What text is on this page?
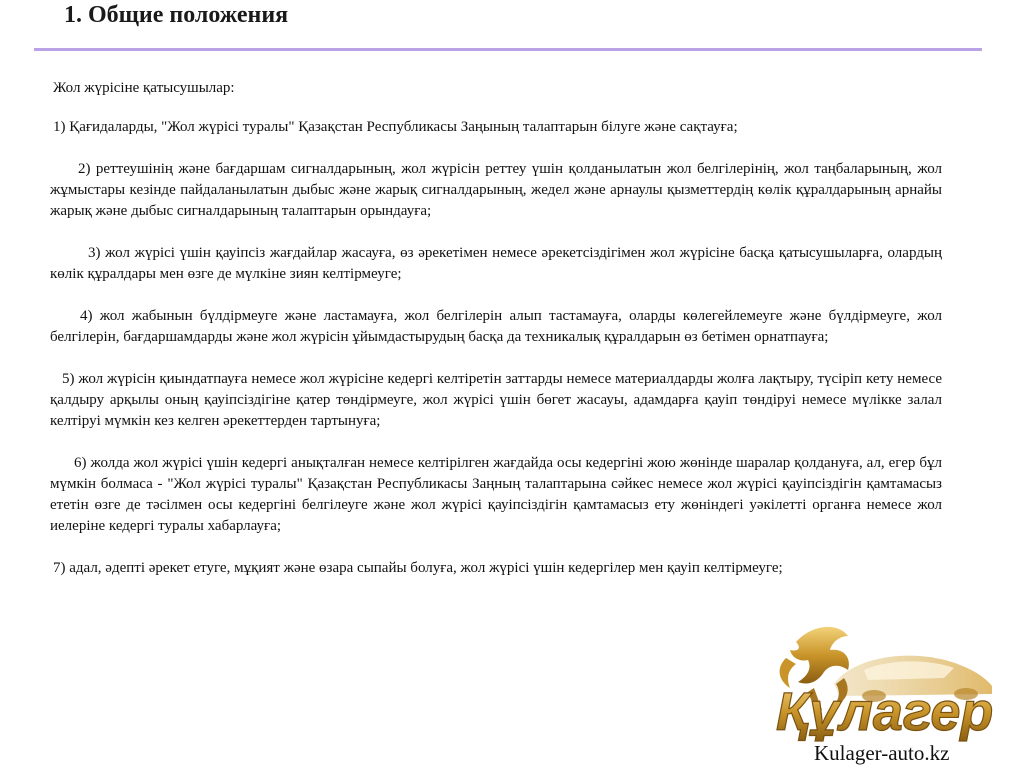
1. Общие положения

Жол жүрісіне қатысушылар:

1) Қағидаларды, "Жол жүрісі туралы" Қазақстан Республикасы Заңының талаптарын білуге және сақтауға;

2) реттеушінің және бағдаршам сигналдарының, жол жүрісін реттеу үшін қолданылатын жол белгілерінің, жол таңбаларының, жол жұмыстары кезінде пайдаланылатын дыбыс және жарық сигналдарының, жедел және арнаулы қызметтердің көлік құралдарының арнайы жарық және дыбыс сигналдарының талаптарын орындауға;

3) жол жүрісі үшін қауіпсіз жағдайлар жасауға, өз әрекетімен немесе әрекетсіздігімен жол жүрісіне басқа қатысушыларға, олардың көлік құралдары мен өзге де мүлкіне зиян келтірмеуге;

4) жол жабынын бүлдірмеуге және ластамауға, жол белгілерін алып тастамауға, оларды көлегейлемеуге және бүлдірмеуге, жол белгілерін, бағдаршамдарды және жол жүрісін ұйымдастырудың басқа да техникалық құралдарын өз бетімен орнатпауға;

5) жол жүрісін қиындатпауға немесе жол жүрісіне кедергі келтіретін заттарды немесе материалдарды жолға лақтыру, түсіріп кету немесе қалдыру арқылы оның қауіпсіздігіне қатер төндірмеуге, жол жүрісі үшін бөгет жасауы, адамдарға қауіп төндіруі немесе мүлікке залал келтіруі мүмкін кез келген әрекеттерден тартынуға;

6) жолда жол жүрісі үшін кедергі анықталған немесе келтірілген жағдайда осы кедергіні жою жөнінде шаралар қолдануға, ал, егер бұл мүмкін болмаса - "Жол жүрісі туралы" Қазақстан Республикасы Заңның талаптарына сәйкес немесе жол жүрісі қауіпсіздігін қамтамасыз ететін өзге де тәсілмен осы кедергіні белгілеуге және жол жүрісі қауіпсіздігін қамтамасыз ету жөніндегі уәкілетті органға немесе жол иелеріне кедергі туралы хабарлауға;

7) адал, әдепті әрекет етуге, мұқият және өзара сыпайы болуға, жол жүрісі үшін кедергілер мен қауіп келтірмеуге;

Құлагер
Kulager-auto.kz
